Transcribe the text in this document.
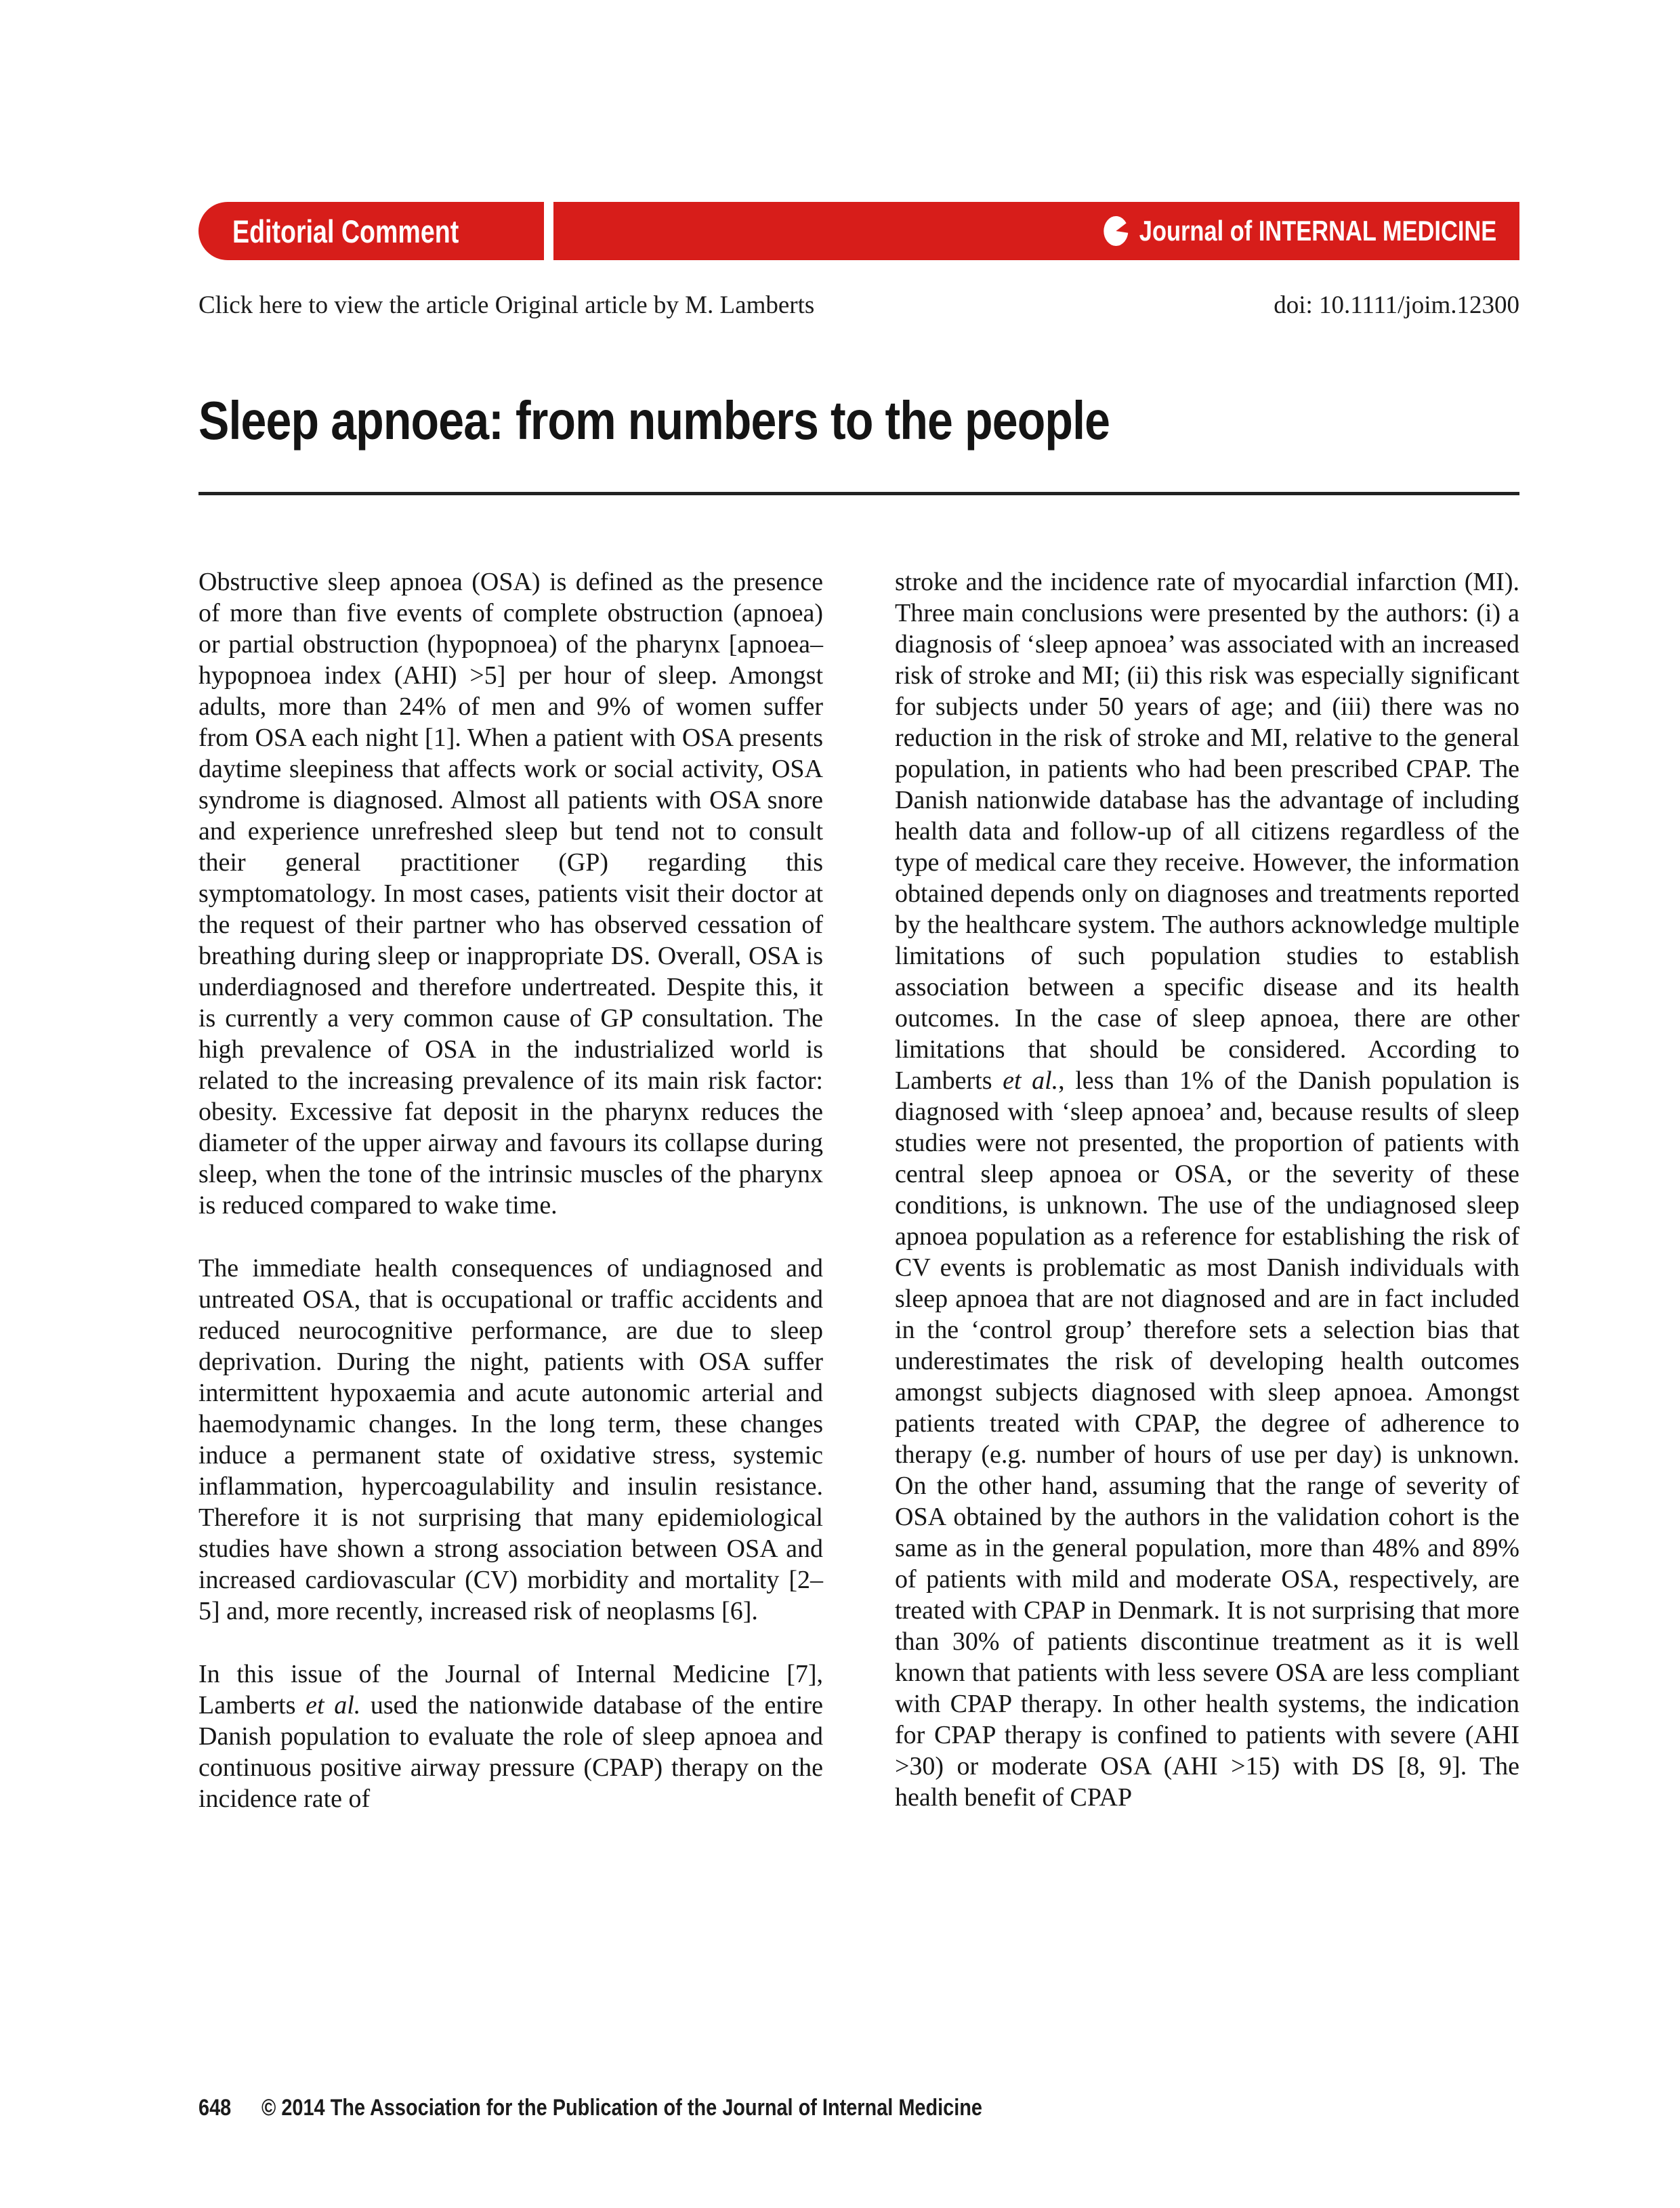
Editorial Comment	Journal of INTERNAL MEDICINE
Click here to view the article Original article by M. Lamberts	doi: 10.1111/joim.12300
Sleep apnoea: from numbers to the people

Obstructive sleep apnoea (OSA) is defined as the presence of more than five events of complete obstruction (apnoea) or partial obstruction (hypopnoea) of the pharynx [apnoea–hypopnoea index (AHI) >5] per hour of sleep. Amongst adults, more than 24% of men and 9% of women suffer from OSA each night [1]. When a patient with OSA presents daytime sleepiness that affects work or social activity, OSA syndrome is diagnosed. Almost all patients with OSA snore and experience unrefreshed sleep but tend not to consult their general practitioner (GP) regarding this symptomatology. In most cases, patients visit their doctor at the request of their partner who has observed cessation of breathing during sleep or inappropriate DS. Overall, OSA is underdiagnosed and therefore undertreated. Despite this, it is currently a very common cause of GP consultation. The high prevalence of OSA in the industrialized world is related to the increasing prevalence of its main risk factor: obesity. Excessive fat deposit in the pharynx reduces the diameter of the upper airway and favours its collapse during sleep, when the tone of the intrinsic muscles of the pharynx is reduced compared to wake time.

The immediate health consequences of undiagnosed and untreated OSA, that is occupational or traffic accidents and reduced neurocognitive performance, are due to sleep deprivation. During the night, patients with OSA suffer intermittent hypoxaemia and acute autonomic arterial and haemodynamic changes. In the long term, these changes induce a permanent state of oxidative stress, systemic inflammation, hypercoagulability and insulin resistance. Therefore it is not surprising that many epidemiological studies have shown a strong association between OSA and increased cardiovascular (CV) morbidity and mortality [2–5] and, more recently, increased risk of neoplasms [6].

In this issue of the Journal of Internal Medicine [7], Lamberts et al. used the nationwide database of the entire Danish population to evaluate the role of sleep apnoea and continuous positive airway pressure (CPAP) therapy on the incidence rate of

stroke and the incidence rate of myocardial infarction (MI). Three main conclusions were presented by the authors: (i) a diagnosis of ‘sleep apnoea’ was associated with an increased risk of stroke and MI; (ii) this risk was especially significant for subjects under 50 years of age; and (iii) there was no reduction in the risk of stroke and MI, relative to the general population, in patients who had been prescribed CPAP. The Danish nationwide database has the advantage of including health data and follow-up of all citizens regardless of the type of medical care they receive. However, the information obtained depends only on diagnoses and treatments reported by the healthcare system. The authors acknowledge multiple limitations of such population studies to establish association between a specific disease and its health outcomes. In the case of sleep apnoea, there are other limitations that should be considered. According to Lamberts et al., less than 1% of the Danish population is diagnosed with ‘sleep apnoea’ and, because results of sleep studies were not presented, the proportion of patients with central sleep apnoea or OSA, or the severity of these conditions, is unknown. The use of the undiagnosed sleep apnoea population as a reference for establishing the risk of CV events is problematic as most Danish individuals with sleep apnoea that are not diagnosed and are in fact included in the ‘control group’ therefore sets a selection bias that underestimates the risk of developing health outcomes amongst subjects diagnosed with sleep apnoea. Amongst patients treated with CPAP, the degree of adherence to therapy (e.g. number of hours of use per day) is unknown. On the other hand, assuming that the range of severity of OSA obtained by the authors in the validation cohort is the same as in the general population, more than 48% and 89% of patients with mild and moderate OSA, respectively, are treated with CPAP in Denmark. It is not surprising that more than 30% of patients discontinue treatment as it is well known that patients with less severe OSA are less compliant with CPAP therapy. In other health systems, the indication for CPAP therapy is confined to patients with severe (AHI >30) or moderate OSA (AHI >15) with DS [8, 9]. The health benefit of CPAP

648 © 2014 The Association for the Publication of the Journal of Internal Medicine
